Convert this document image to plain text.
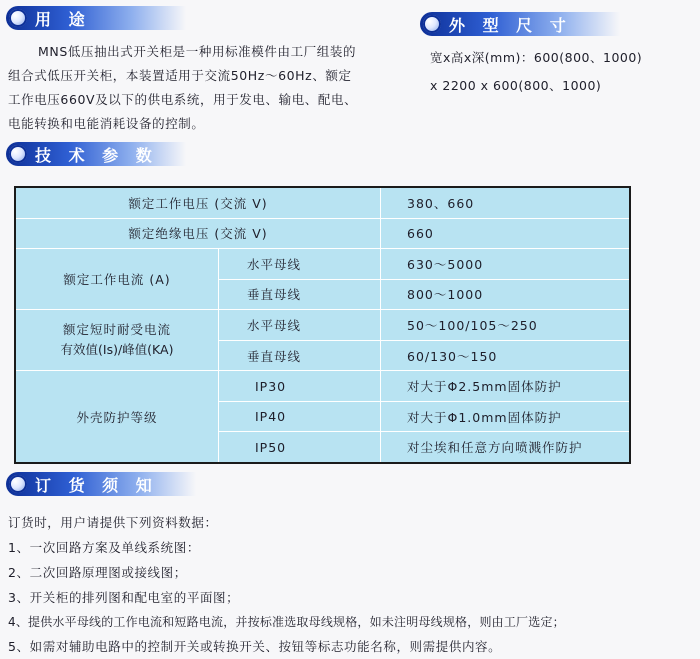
用 途	外 型 尺 寸
MNS低压抽出式开关柜是一种用标准模件由工厂组装的
组合式低压开关柜，本装置适用于交流50Hz～60Hz、额定
工作电压660V及以下的供电系统，用于发电、输电、配电、
电能转换和电能消耗设备的控制。
宽x高x深(mm)：600(800、1000)
x 2200 x 600(800、1000)
技 术 参 数
额定工作电压 (交流 V)		380、660
额定绝缘电压 (交流 V)		660
额定工作电流 (A)	水平母线	630～5000
	垂直母线	800～1000

额定短时耐受电流
有效值(Is)/峰值(KA)	水平母线	50～100/105～250
	垂直母线	60/130～150
外壳防护等级	IP30	对大于Φ2.5mm固体防护
	IP40	对大于Φ1.0mm固体防护
	IP50	对尘埃和任意方向喷溅作防护
订 货 须 知
订货时，用户请提供下列资料数据：
1、一次回路方案及单线系统图：
2、二次回路原理图或接线图；
3、开关柜的排列图和配电室的平面图；
4、提供水平母线的工作电流和短路电流，并按标准选取母线规格，如未注明母线规格，则由工厂选定；
5、如需对辅助电路中的控制开关或转换开关、按钮等标志功能名称，则需提供内容。
